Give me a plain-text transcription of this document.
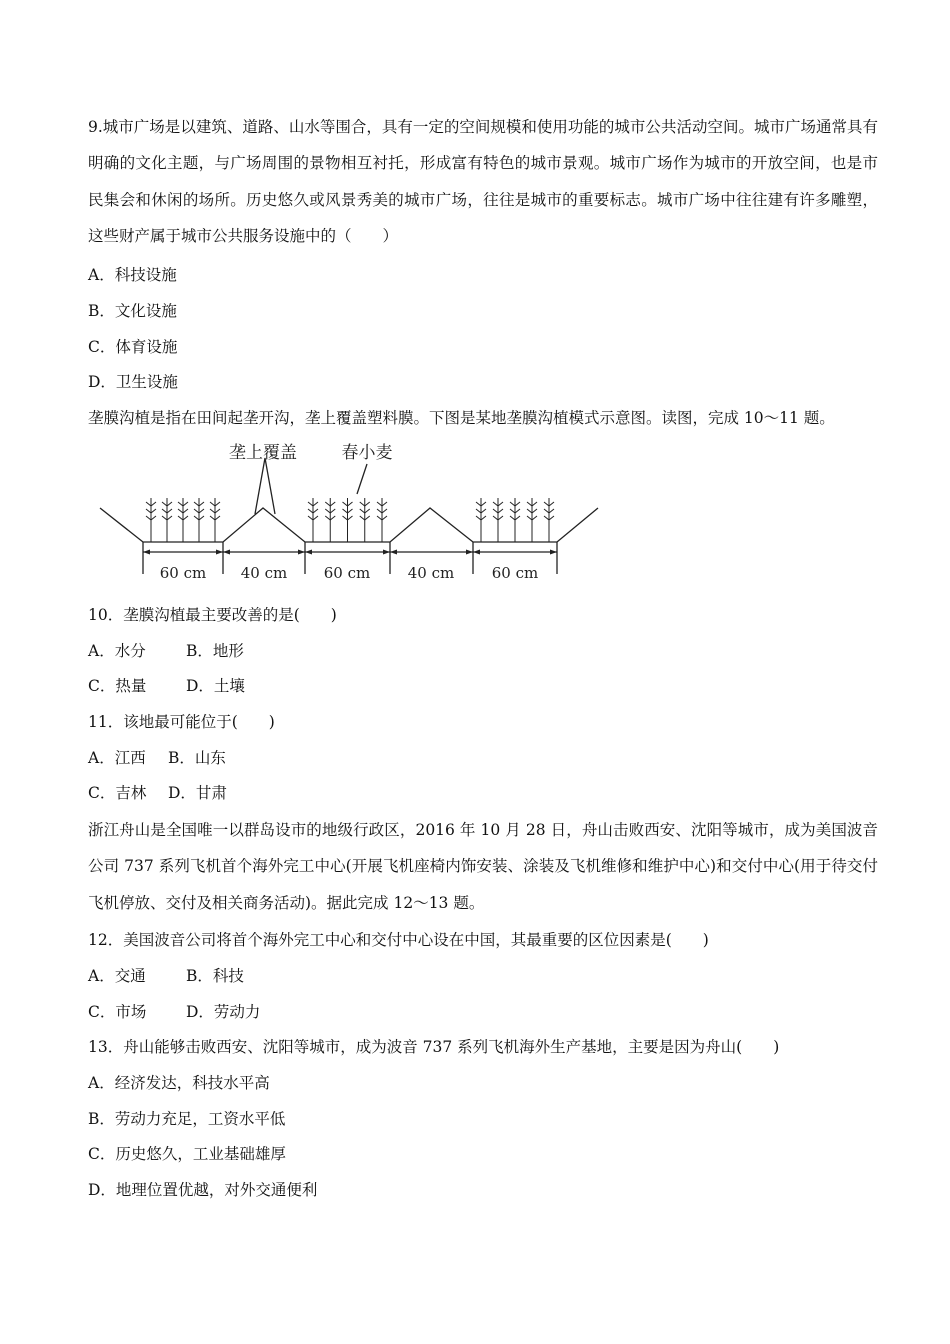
9.城市广场是以建筑、道路、山水等围合，具有一定的空间规模和使用功能的城市公共活动空间。城市广场通常具有明确的文化主题，与广场周围的景物相互衬托，形成富有特色的城市景观。城市广场作为城市的开放空间，也是市民集会和休闲的场所。历史悠久或风景秀美的城市广场，往往是城市的重要标志。城市广场中往往建有许多雕塑，这些财产属于城市公共服务设施中的（　　）
A．科技设施
B．文化设施
C．体育设施
D．卫生设施
垄膜沟植是指在田间起垄开沟，垄上覆盖塑料膜。下图是某地垄膜沟植模式示意图。读图，完成 10～11 题。
垄上覆盖	春小麦
60 cm 40 cm 60 cm	40 cm	60 cm
10．垄膜沟植最主要改善的是(　　)
A．水分	B．地形
C．热量	D．土壤
11．该地最可能位于(　　)
A．江西 B．山东
C．吉林 D．甘肃
浙江舟山是全国唯一以群岛设市的地级行政区，2016 年 10 月 28 日，舟山击败西安、沈阳等城市，成为美国波音公司 737 系列飞机首个海外完工中心(开展飞机座椅内饰安装、涂装及飞机维修和维护中心)和交付中心(用于待交付飞机停放、交付及相关商务活动)。据此完成 12～13 题。
12．美国波音公司将首个海外完工中心和交付中心设在中国，其最重要的区位因素是(　　)
A．交通	B．科技
C．市场	D．劳动力
13．舟山能够击败西安、沈阳等城市，成为波音 737 系列飞机海外生产基地，主要是因为舟山(　　)
A．经济发达，科技水平高
B．劳动力充足，工资水平低
C．历史悠久，工业基础雄厚
D．地理位置优越，对外交通便利
